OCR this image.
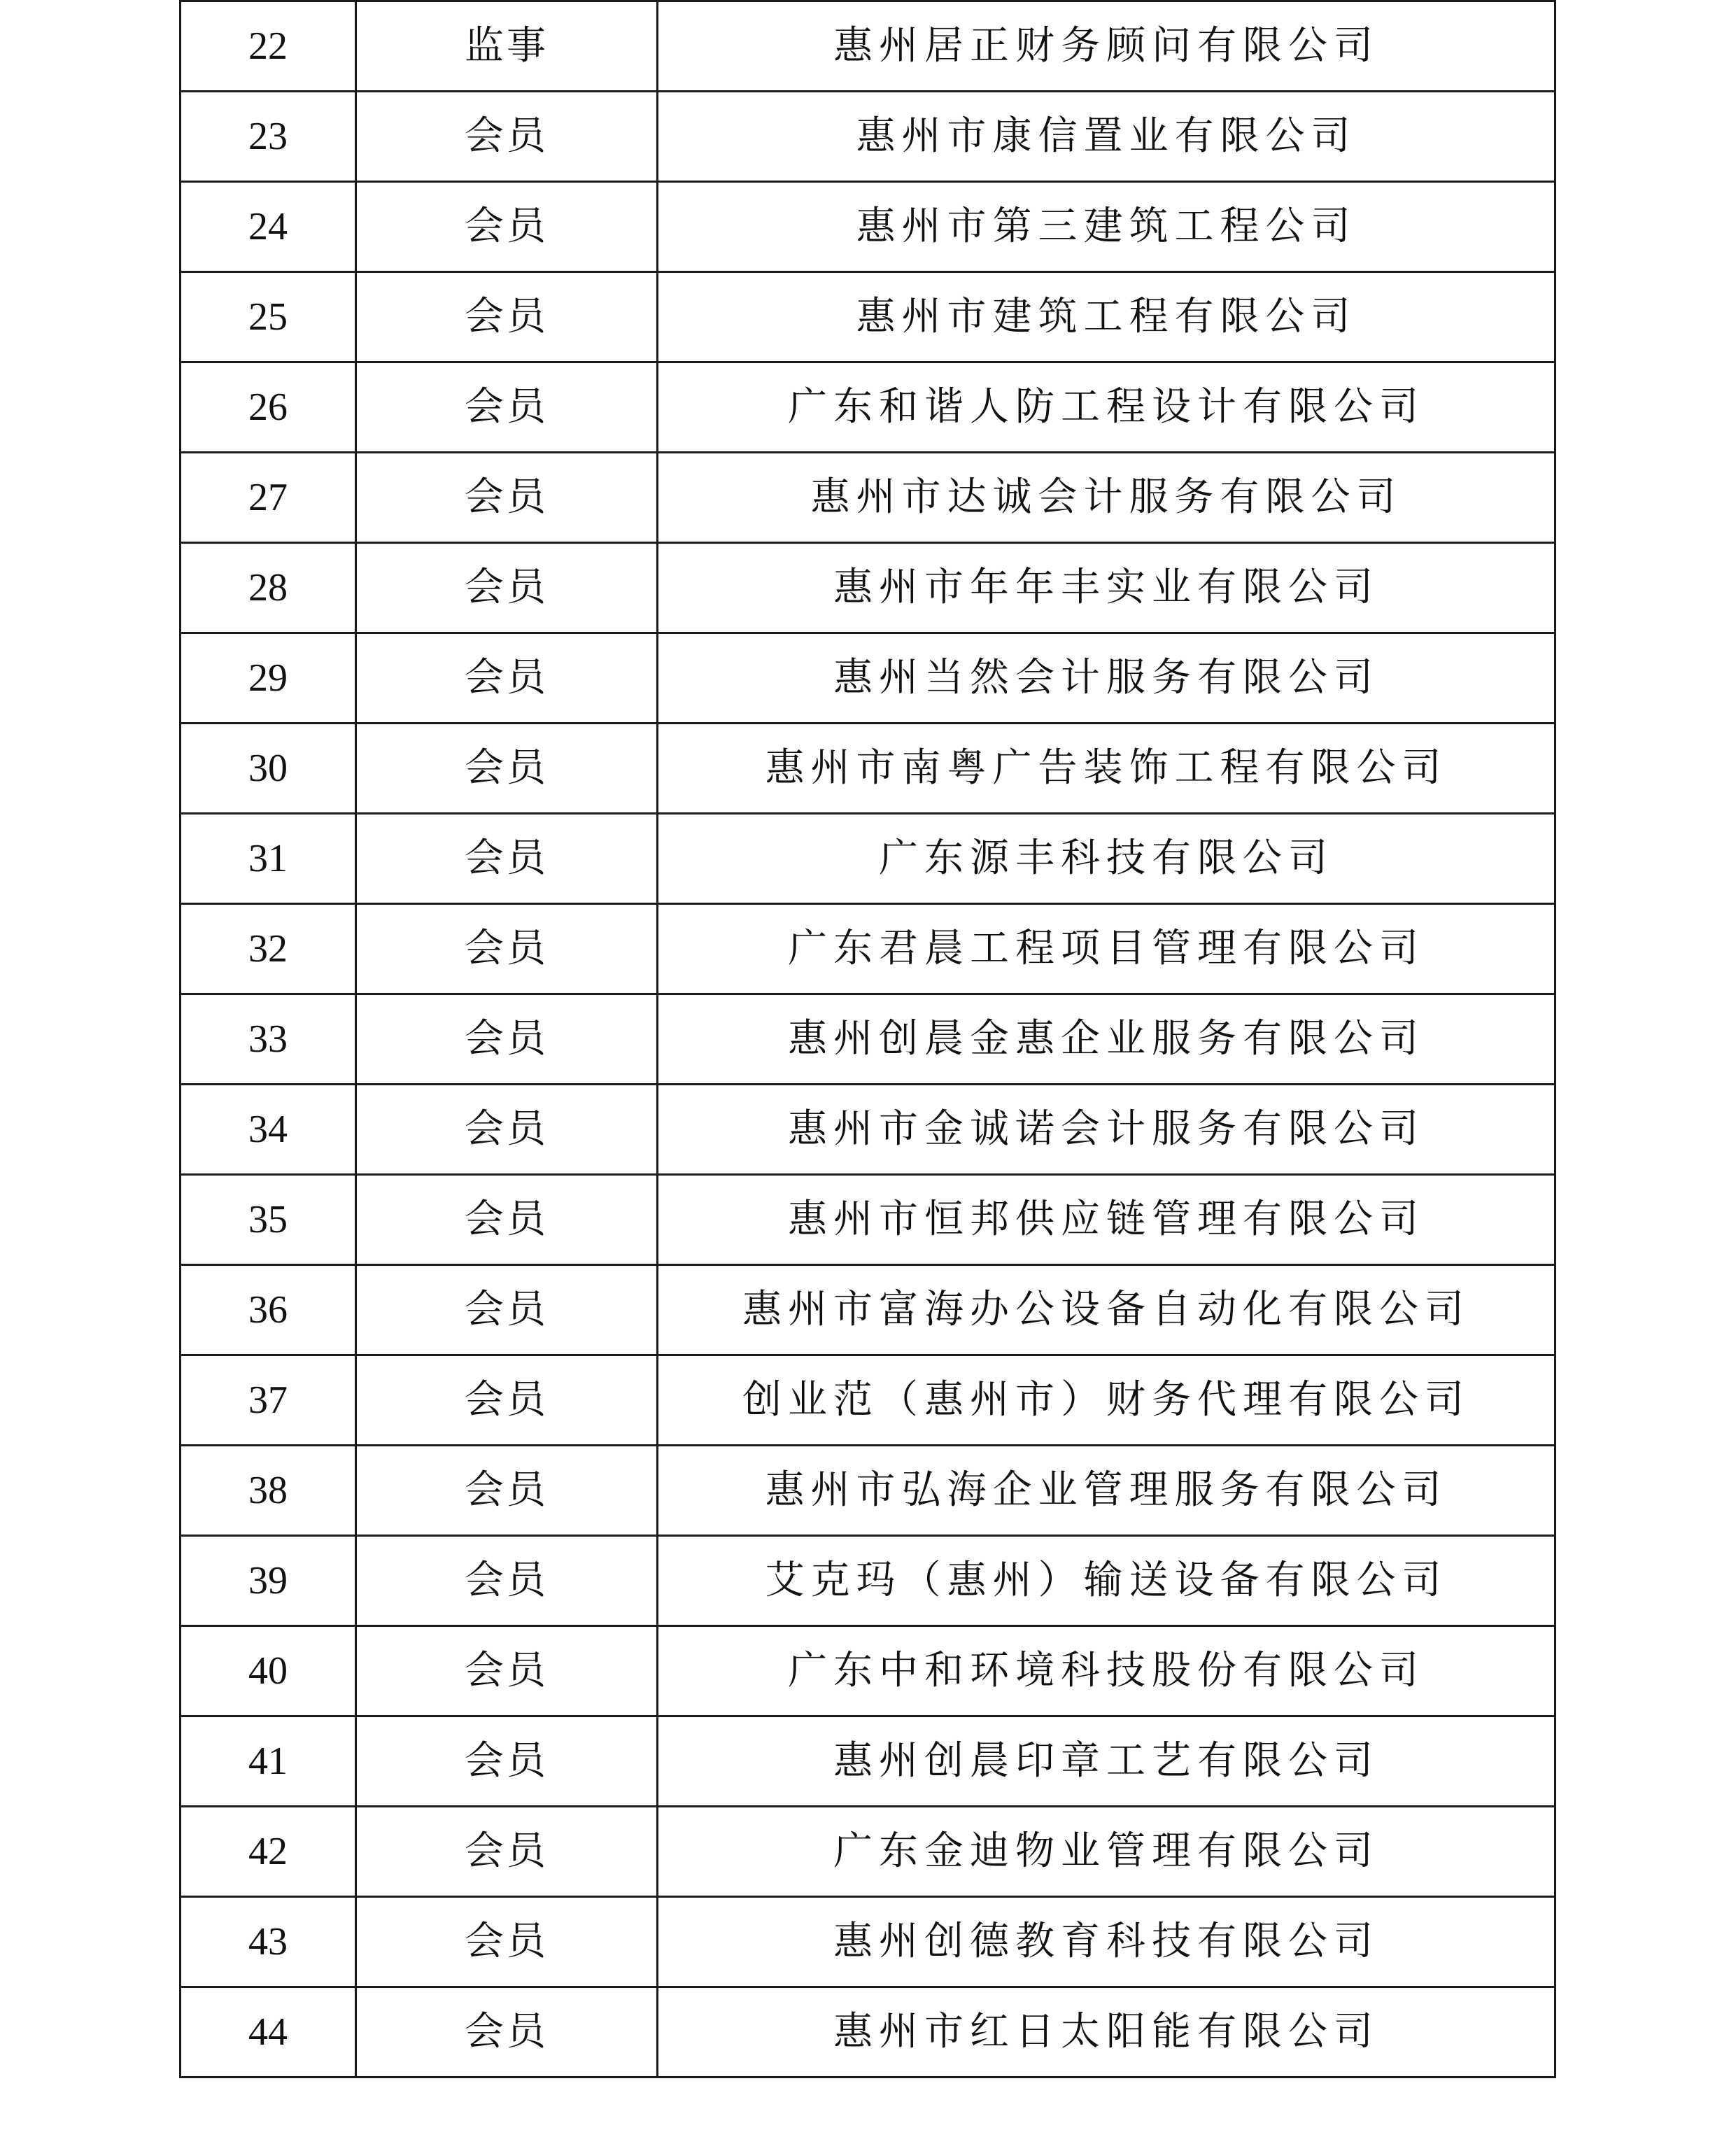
22	监事	惠州居正财务顾问有限公司
23	会员	惠州市康信置业有限公司
24	会员	惠州市第三建筑工程公司
25	会员	惠州市建筑工程有限公司
26	会员	广东和谐人防工程设计有限公司
27	会员	惠州市达诚会计服务有限公司
28	会员	惠州市年年丰实业有限公司
29	会员	惠州当然会计服务有限公司
30	会员	惠州市南粤广告装饰工程有限公司
31	会员	广东源丰科技有限公司
32	会员	广东君晨工程项目管理有限公司
33	会员	惠州创晨金惠企业服务有限公司
34	会员	惠州市金诚诺会计服务有限公司
35	会员	惠州市恒邦供应链管理有限公司
36	会员	惠州市富海办公设备自动化有限公司
37	会员	创业范（惠州市）财务代理有限公司
38	会员	惠州市弘海企业管理服务有限公司
39	会员	艾克玛（惠州）输送设备有限公司
40	会员	广东中和环境科技股份有限公司
41	会员	惠州创晨印章工艺有限公司
42	会员	广东金迪物业管理有限公司
43	会员	惠州创德教育科技有限公司
44	会员	惠州市红日太阳能有限公司
